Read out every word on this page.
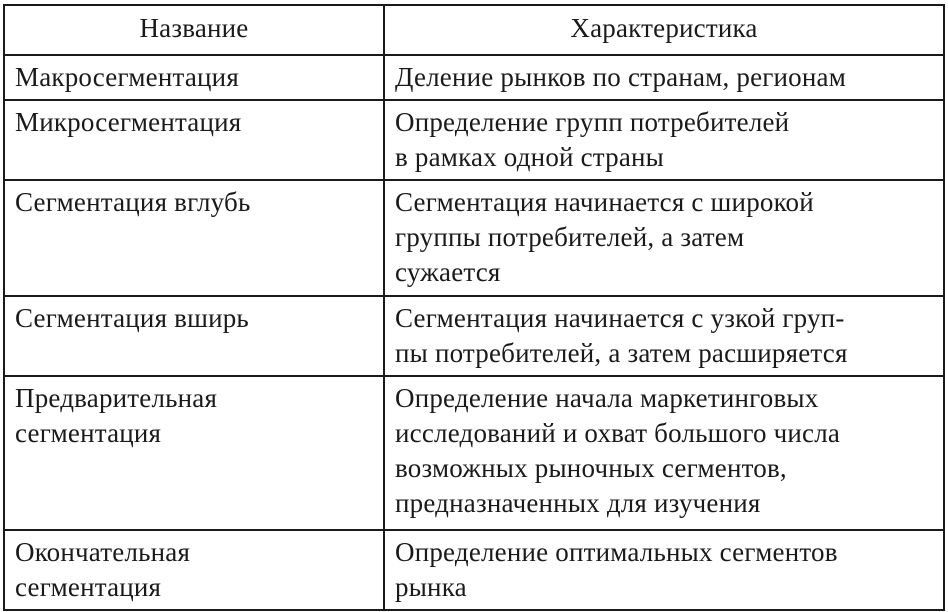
Название	Характеристика

Макросегментация	Деление рынков по странам, регионам

Микросегментация	Определение групп потребителей
в рамках одной страны

Сегментация вглубь	Сегментация начинается с широкой
группы потребителей, а затем
сужается

Сегментация вширь	Сегментация начинается с узкой груп-
пы потребителей, а затем расширяется

Предварительная
сегментация	Определение начала маркетинговых
исследований и охват большого числа
возможных рыночных сегментов,
предназначенных для изучения

Окончательная
сегментация	Определение оптимальных сегментов
рынка
